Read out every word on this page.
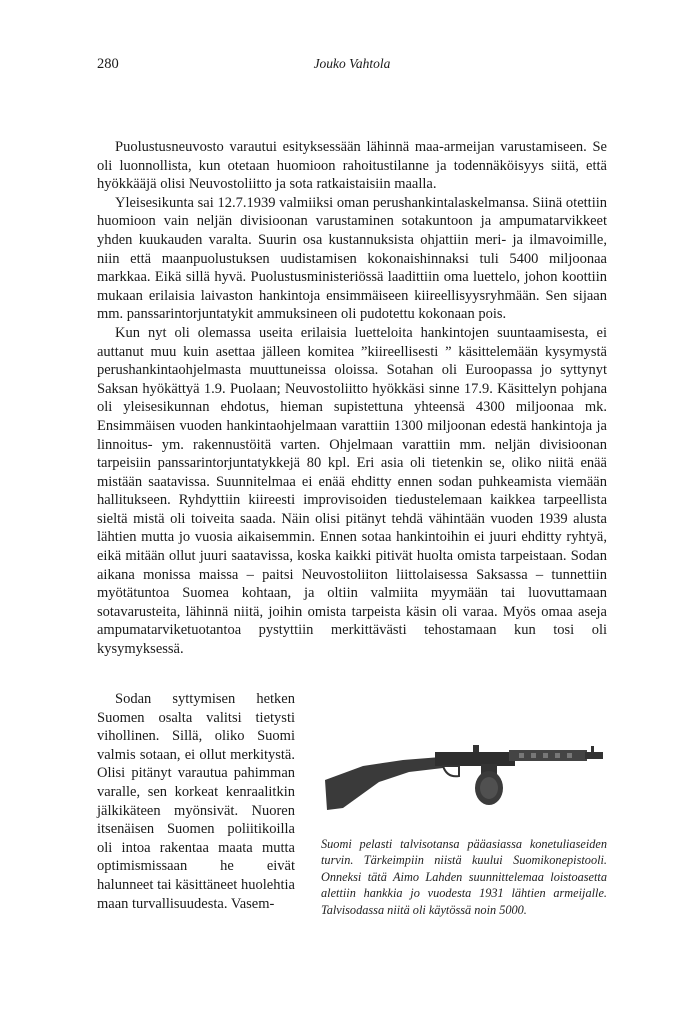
280	Jouko Vahtola

Puolustusneuvosto varautui esityksessään lähinnä maa-armeijan varustamiseen. Se oli luonnollista, kun otetaan huomioon rahoitustilanne ja todennäköisyys siitä, että hyökkääjä olisi Neuvostoliitto ja sota ratkaistaisiin maalla.

Yleisesikunta sai 12.7.1939 valmiiksi oman perushankintalaskelmansa. Siinä otettiin huomioon vain neljän divisioonan varustaminen sotakuntoon ja ampumatarvikkeet yhden kuukauden varalta. Suurin osa kustannuksista ohjattiin meri- ja ilmavoimille, niin että maanpuolustuksen uudistamisen kokonaishinnaksi tuli 5400 miljoonaa markkaa. Eikä sillä hyvä. Puolustusministeriössä laadittiin oma luettelo, johon koottiin mukaan erilaisia laivaston hankintoja ensimmäiseen kiireellisyysryhmään. Sen sijaan mm. panssarintorjuntatykit ammuksineen oli pudotettu kokonaan pois.

Kun nyt oli olemassa useita erilaisia luetteloita hankintojen suuntaamisesta, ei auttanut muu kuin asettaa jälleen komitea ”kiireellisesti ” käsittelemään kysymystä perushankintaohjelmasta muuttuneissa oloissa. Sotahan oli Euroopassa jo syttynyt Saksan hyökättyä 1.9. Puolaan; Neuvostoliitto hyökkäsi sinne 17.9. Käsittelyn pohjana oli yleisesikunnan ehdotus, hieman supistettuna yhteensä 4300 miljoonaa mk. Ensimmäisen vuoden hankintaohjelmaan varattiin 1300 miljoonan edestä hankintoja ja linnoitus- ym. rakennustöitä varten. Ohjelmaan varattiin mm. neljän divisioonan tarpeisiin panssarintorjuntatykkejä 80 kpl. Eri asia oli tietenkin se, oliko niitä enää mistään saatavissa. Suunnitelmaa ei enää ehditty ennen sodan puhkeamista viemään hallitukseen. Ryhdyttiin kiireesti improvisoiden tiedustelemaan kaikkea tarpeellista sieltä mistä oli toiveita saada. Näin olisi pitänyt tehdä vähintään vuoden 1939 alusta lähtien mutta jo vuosia aikaisemmin. Ennen sotaa hankintoihin ei juuri ehditty ryhtyä, eikä mitään ollut juuri saatavissa, koska kaikki pitivät huolta omista tarpeistaan. Sodan aikana monissa maissa – paitsi Neuvostoliiton liittolaisessa Saksassa – tunnettiin myötätuntoa Suomea kohtaan, ja oltiin valmiita myymään tai luovuttamaan sotavarusteita, lähinnä niitä, joihin omista tarpeista käsin oli varaa. Myös omaa aseja ampumatarviketuotantoa pystyttiin merkittävästi tehostamaan kun tosi oli kysymyksessä.

Sodan syttymisen hetken Suomen osalta valitsi tietysti vihollinen. Sillä, oliko Suomi valmis sotaan, ei ollut merkitystä. Olisi pitänyt varautua pahimman varalle, sen korkeat kenraalitkin jälkikäteen myönsivät. Nuoren itsenäisen Suomen poliitikoilla oli intoa rakentaa maata mutta optimismissaan he eivät halunneet tai käsittäneet huolehtia maan turvallisuudesta. Vasem-

Suomi pelasti talvisotansa pääasiassa konetuliaseiden turvin. Tärkeimpiin niistä kuului Suomikonepistooli. Onneksi tätä Aimo Lahden suunnittelemaa loistoasetta alettiin hankkia jo vuodesta 1931 lähtien armeijalle. Talvisodassa niitä oli käytössä noin 5000.
